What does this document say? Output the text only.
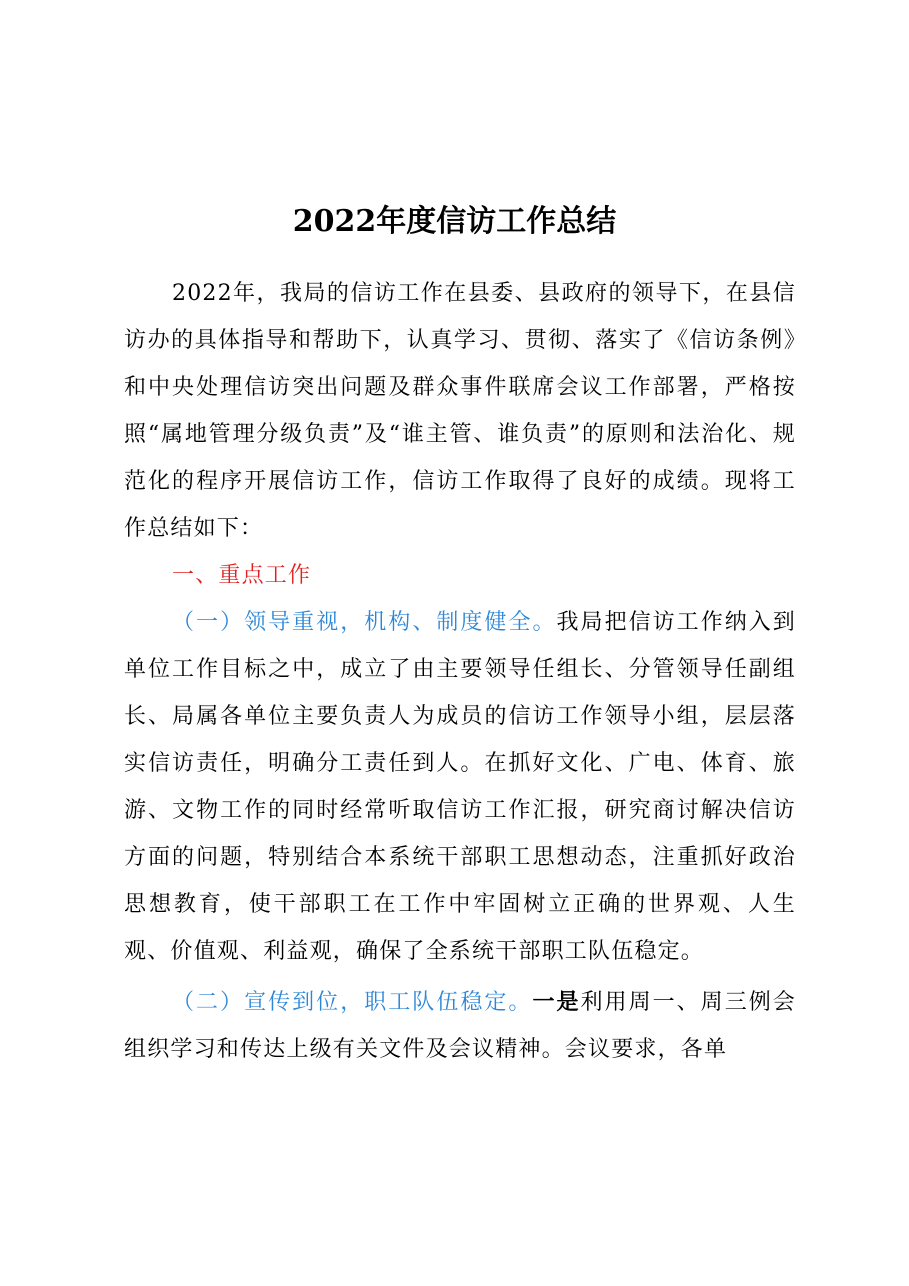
2022年度信访工作总结

2022年，我局的信访工作在县委、县政府的领导下，在县信访办的具体指导和帮助下，认真学习、贯彻、落实了《信访条例》和中央处理信访突出问题及群众事件联席会议工作部署，严格按照“属地管理分级负责”及“谁主管、谁负责”的原则和法治化、规范化的程序开展信访工作，信访工作取得了良好的成绩。现将工作总结如下：

一、重点工作

（一）领导重视，机构、制度健全。我局把信访工作纳入到单位工作目标之中，成立了由主要领导任组长、分管领导任副组长、局属各单位主要负责人为成员的信访工作领导小组，层层落实信访责任，明确分工责任到人。在抓好文化、广电、体育、旅游、文物工作的同时经常听取信访工作汇报，研究商讨解决信访方面的问题，特别结合本系统干部职工思想动态，注重抓好政治思想教育，使干部职工在工作中牢固树立正确的世界观、人生观、价值观、利益观，确保了全系统干部职工队伍稳定。

（二）宣传到位，职工队伍稳定。一是利用周一、周三例会组织学习和传达上级有关文件及会议精神。会议要求，各单
